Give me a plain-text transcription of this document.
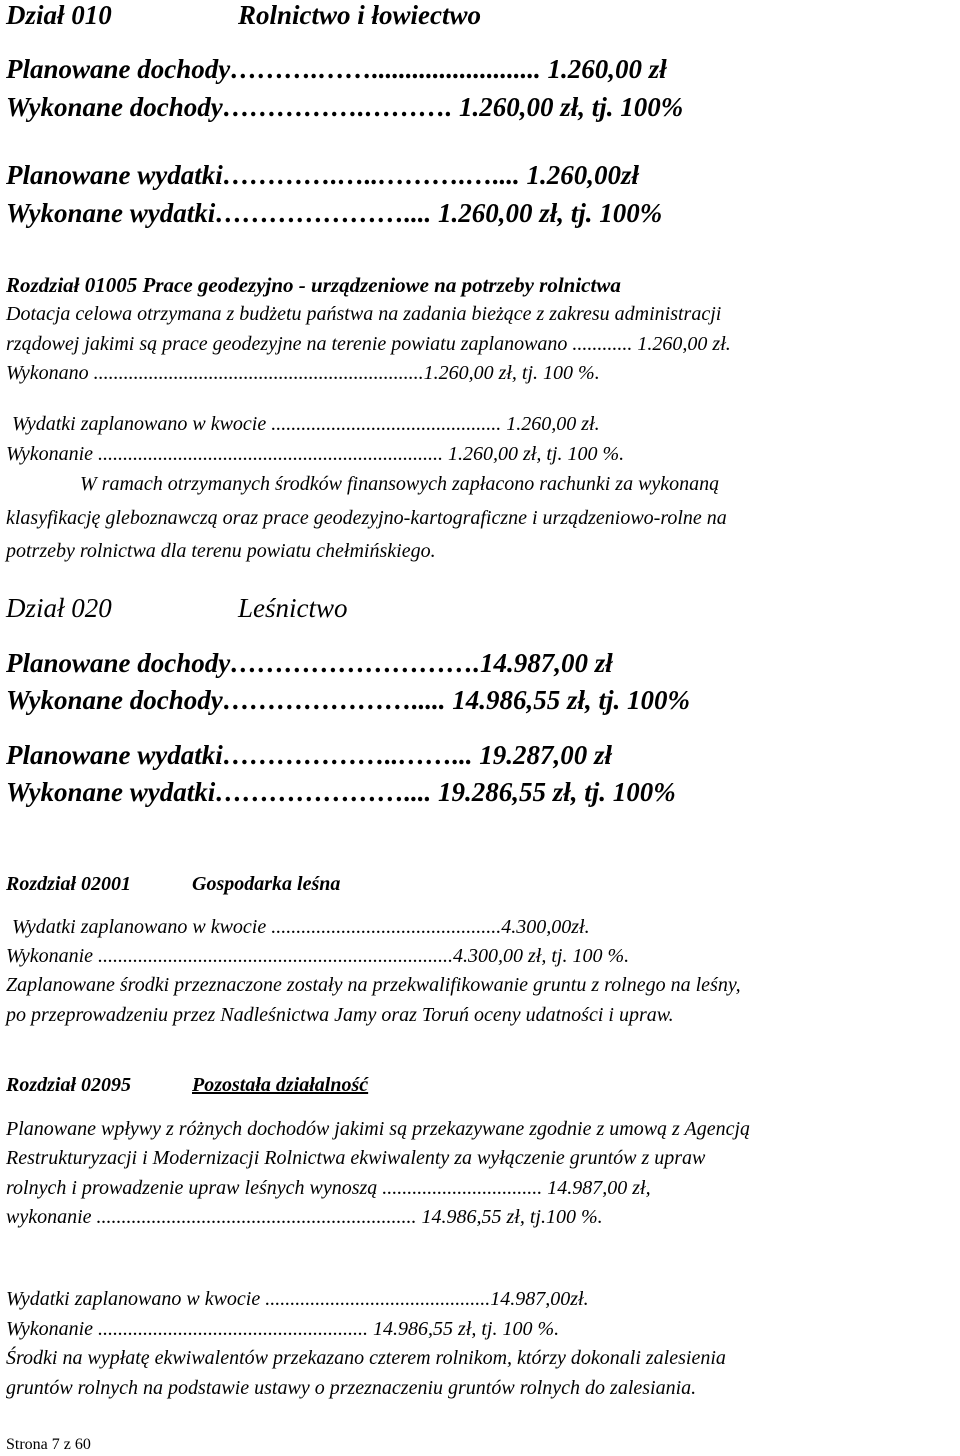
Dział 010	Rolnictwo i łowiectwo
Planowane dochody……….……......................... 1.260,00 zł
Wykonane dochody…………….………. 1.260,00 zł, tj. 100%
Planowane wydatki………….…..……….….... 1.260,00zł
Wykonane wydatki………………….... 1.260,00 zł, tj. 100%
Rozdział 01005 Prace geodezyjno - urządzeniowe na potrzeby rolnictwa
Dotacja celowa otrzymana z budżetu państwa na zadania bieżące z zakresu administracji
rządowej jakimi są prace geodezyjne na terenie powiatu zaplanowano ............ 1.260,00 zł.
Wykonano ..................................................................1.260,00 zł, tj. 100 %.
Wydatki zaplanowano w kwocie .............................................. 1.260,00 zł.
Wykonanie ..................................................................... 1.260,00 zł, tj. 100 %.
W ramach otrzymanych środków finansowych zapłacono rachunki za wykonaną
klasyfikację gleboznawczą oraz prace geodezyjno-kartograficzne i urządzeniowo-rolne na
potrzeby rolnictwa dla terenu powiatu chełmińskiego.
Dział 020	Leśnictwo
Planowane dochody……………………….14.987,00 zł
Wykonane dochody…………………..... 14.986,55 zł, tj. 100%
Planowane wydatki………………..……... 19.287,00 zł
Wykonane wydatki………………….... 19.286,55 zł, tj. 100%
Rozdział 02001	Gospodarka leśna
Wydatki zaplanowano w kwocie ..............................................4.300,00zł.
Wykonanie .......................................................................4.300,00 zł, tj. 100 %.
Zaplanowane środki przeznaczone zostały na przekwalifikowanie gruntu z rolnego na leśny,
po przeprowadzeniu przez Nadleśnictwa Jamy oraz Toruń oceny udatności i upraw.
Rozdział 02095	Pozostała działalność
Planowane wpływy z różnych dochodów jakimi są przekazywane zgodnie z umową z Agencją
Restrukturyzacji i Modernizacji Rolnictwa ekwiwalenty za wyłączenie gruntów z upraw
rolnych i prowadzenie upraw leśnych wynoszą ................................ 14.987,00 zł,
wykonanie ................................................................ 14.986,55 zł, tj.100 %.
Wydatki zaplanowano w kwocie .............................................14.987,00zł.
Wykonanie ...................................................... 14.986,55 zł, tj. 100 %.
Środki na wypłatę ekwiwalentów przekazano czterem rolnikom, którzy dokonali zalesienia
gruntów rolnych na podstawie ustawy o przeznaczeniu gruntów rolnych do zalesiania.
Strona 7 z 60
